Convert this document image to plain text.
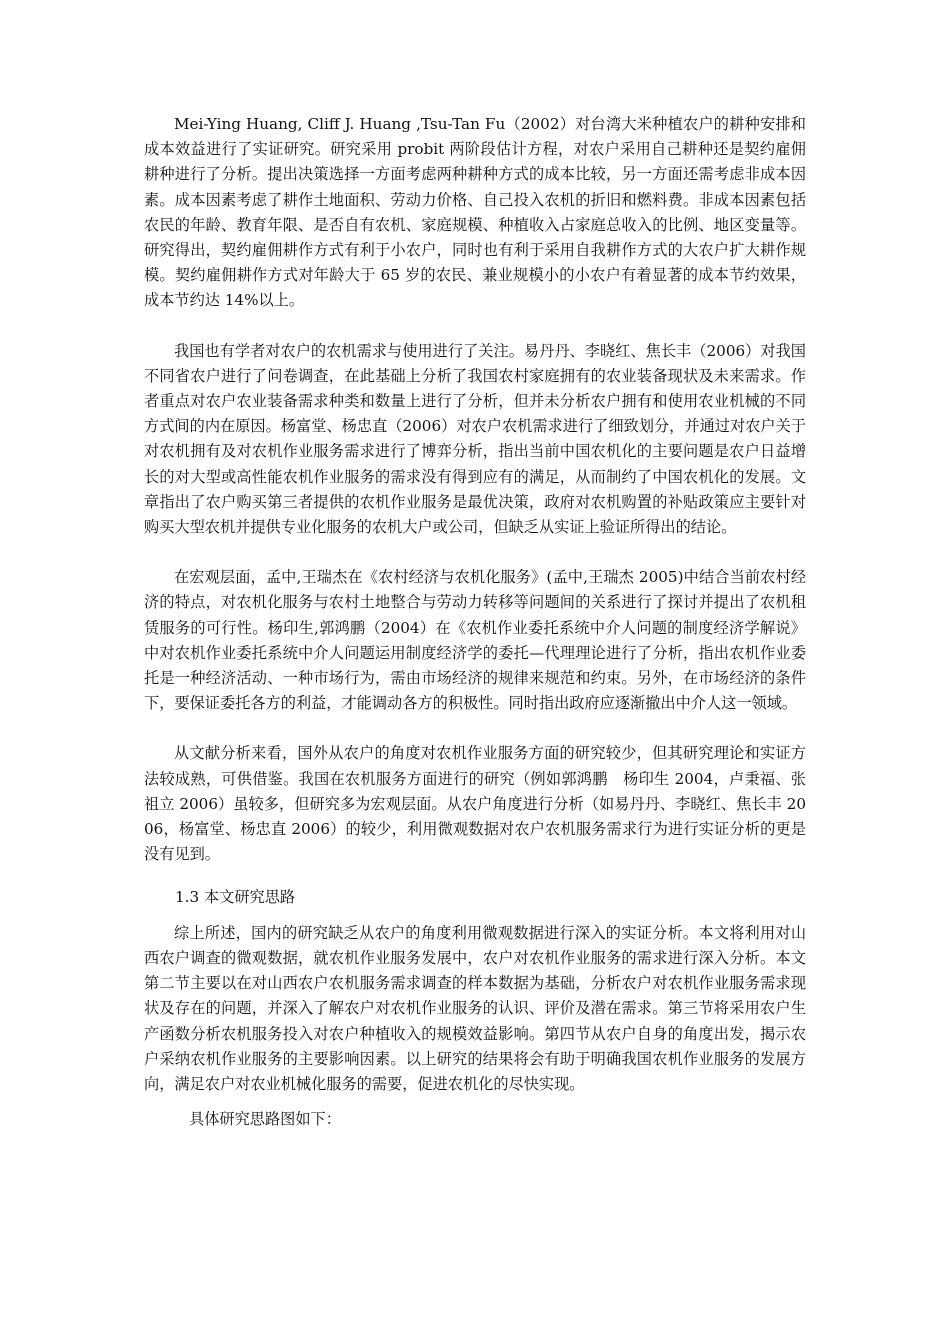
Mei-Ying Huang, Cliff J. Huang ,Tsu-Tan Fu（2002）对台湾大米种植农户的耕种安排和成本效益进行了实证研究。研究采用 probit 两阶段估计方程，对农户采用自己耕种还是契约雇佣耕种进行了分析。提出决策选择一方面考虑两种耕种方式的成本比较，另一方面还需考虑非成本因素。成本因素考虑了耕作土地面积、劳动力价格、自己投入农机的折旧和燃料费。非成本因素包括农民的年龄、教育年限、是否自有农机、家庭规模、种植收入占家庭总收入的比例、地区变量等。研究得出，契约雇佣耕作方式有利于小农户，同时也有利于采用自我耕作方式的大农户扩大耕作规模。契约雇佣耕作方式对年龄大于 65 岁的农民、兼业规模小的小农户有着显著的成本节约效果，成本节约达 14%以上。

我国也有学者对农户的农机需求与使用进行了关注。易丹丹、李晓红、焦长丰（2006）对我国不同省农户进行了问卷调查，在此基础上分析了我国农村家庭拥有的农业装备现状及未来需求。作者重点对农户农业装备需求种类和数量上进行了分析，但并未分析农户拥有和使用农业机械的不同方式间的内在原因。杨富堂、杨忠直（2006）对农户农机需求进行了细致划分，并通过对农户关于对农机拥有及对农机作业服务需求进行了博弈分析，指出当前中国农机化的主要问题是农户日益增长的对大型或高性能农机作业服务的需求没有得到应有的满足，从而制约了中国农机化的发展。文章指出了农户购买第三者提供的农机作业服务是最优决策，政府对农机购置的补贴政策应主要针对购买大型农机并提供专业化服务的农机大户或公司，但缺乏从实证上验证所得出的结论。

在宏观层面，孟中,王瑞杰在《农村经济与农机化服务》(孟中,王瑞杰 2005)中结合当前农村经济的特点，对农机化服务与农村土地整合与劳动力转移等问题间的关系进行了探讨并提出了农机租赁服务的可行性。杨印生,郭鸿鹏（2004）在《农机作业委托系统中介人问题的制度经济学解说》中对农机作业委托系统中介人问题运用制度经济学的委托—代理理论进行了分析，指出农机作业委托是一种经济活动、一种市场行为，需由市场经济的规律来规范和约束。另外，在市场经济的条件下，要保证委托各方的利益，才能调动各方的积极性。同时指出政府应逐渐撤出中介人这一领域。

从文献分析来看，国外从农户的角度对农机作业服务方面的研究较少，但其研究理论和实证方法较成熟，可供借鉴。我国在农机服务方面进行的研究（例如郭鸿鹏　杨印生 2004，卢秉福、张祖立 2006）虽较多，但研究多为宏观层面。从农户角度进行分析（如易丹丹、李晓红、焦长丰 2006，杨富堂、杨忠直 2006）的较少，利用微观数据对农户农机服务需求行为进行实证分析的更是没有见到。

1.3 本文研究思路

综上所述，国内的研究缺乏从农户的角度利用微观数据进行深入的实证分析。本文将利用对山西农户调查的微观数据，就农机作业服务发展中，农户对农机作业服务的需求进行深入分析。本文第二节主要以在对山西农户农机服务需求调查的样本数据为基础，分析农户对农机作业服务需求现状及存在的问题，并深入了解农户对农机作业服务的认识、评价及潜在需求。第三节将采用农户生产函数分析农机服务投入对农户种植收入的规模效益影响。第四节从农户自身的角度出发，揭示农户采纳农机作业服务的主要影响因素。以上研究的结果将会有助于明确我国农机作业服务的发展方向，满足农户对农业机械化服务的需要，促进农机化的尽快实现。

具体研究思路图如下：
